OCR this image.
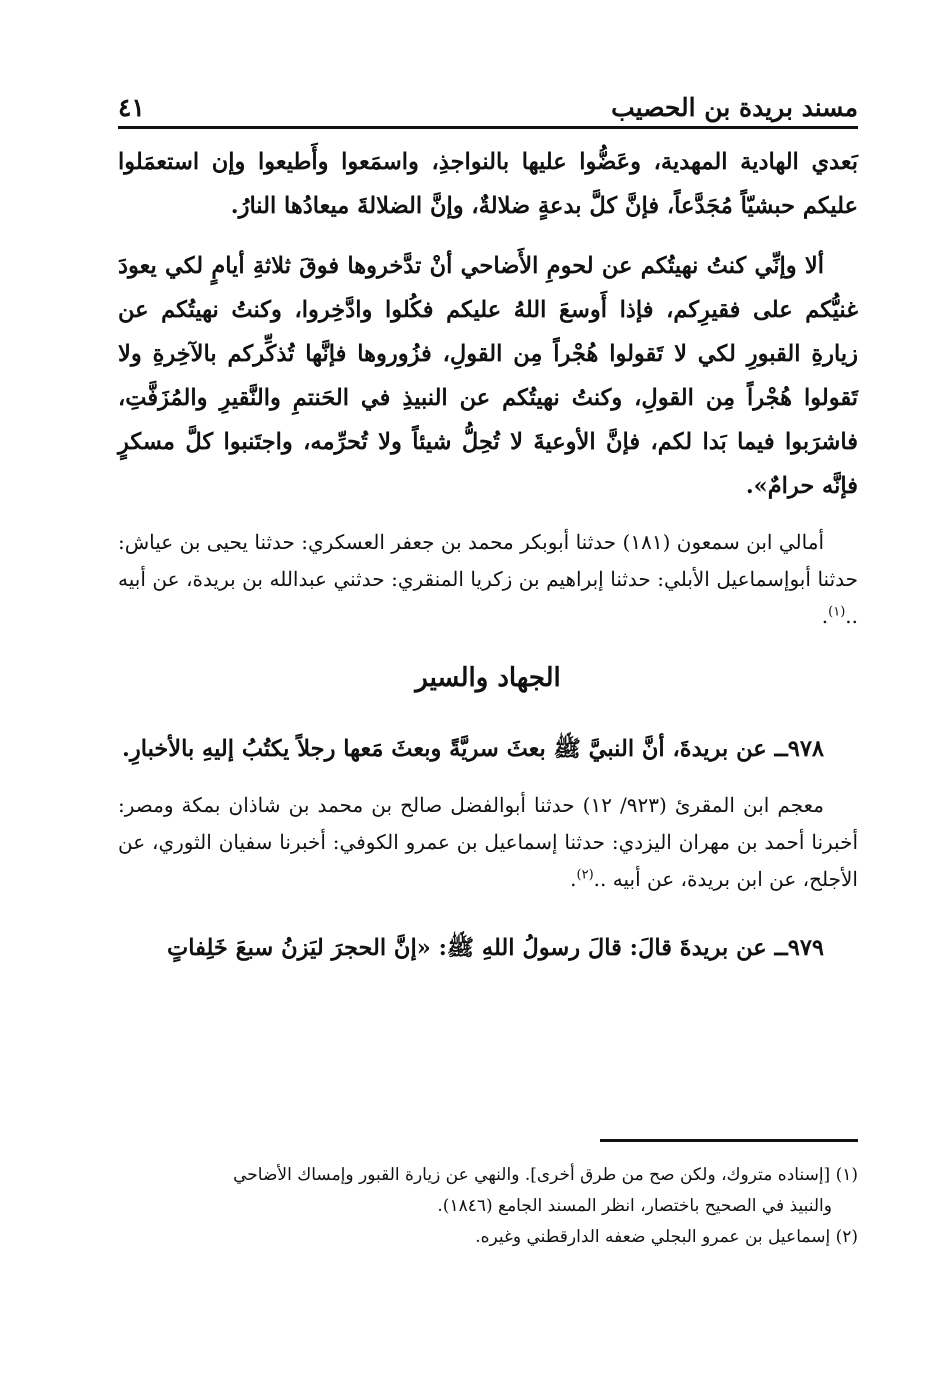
مسند بريدة بن الحصيب
٤١

بَعدي الهادية المهدية، وعَضُّوا عليها بالنواجذِ، واسمَعوا وأَطيعوا وإن استعمَلوا عليكم حبشيّاً مُجَدَّعاً، فإنَّ كلَّ بدعةٍ ضلالةٌ، وإنَّ الضلالةَ ميعادُها النارُ.

ألا وإنِّي كنتُ نهيتُكم عن لحومِ الأَضاحي أنْ تدَّخروها فوقَ ثلاثةِ أيامٍ لكي يعودَ غنيُّكم على فقيرِكم، فإذا أَوسعَ اللهُ عليكم فكُلوا وادَّخِروا، وكنتُ نهيتُكم عن زيارةِ القبورِ لكي لا تَقولوا هُجْراً مِن القولِ، فزُوروها فإنَّها تُذكِّركم بالآخِرةِ ولا تَقولوا هُجْراً مِن القولِ، وكنتُ نهيتُكم عن النبيذِ في الحَنتمِ والنَّقيرِ والمُزَفَّتِ، فاشرَبوا فيما بَدا لكم، فإنَّ الأوعيةَ لا تُحِلُّ شيئاً ولا تُحرِّمه، واجتَنبوا كلَّ مسكرٍ فإنَّه حرامٌ».

أمالي ابن سمعون (١٨١) حدثنا أبوبكر محمد بن جعفر العسكري: حدثنا يحيى بن عياش: حدثنا أبوإسماعيل الأبلي: حدثنا إبراهيم بن زكريا المنقري: حدثني عبدالله بن بريدة، عن أبيه ..$^{(١)}$.

الجهاد والسير

٩٧٨ــ عن بريدةَ، أنَّ النبيَّ ﷺ بعثَ سريَّةً وبعثَ مَعها رجلاً يكتُبُ إليهِ بالأخبارِ.

معجم ابن المقرئ (٩٢٣/ ١٢) حدثنا أبوالفضل صالح بن محمد بن شاذان بمكة ومصر: أخبرنا أحمد بن مهران اليزدي: حدثنا إسماعيل بن عمرو الكوفي: أخبرنا سفيان الثوري، عن الأجلح، عن ابن بريدة، عن أبيه ..$^{(٢)}$.

٩٧٩ــ عن بريدةَ قالَ: قالَ رسولُ اللهِ ﷺ: «إنَّ الحجرَ ليَزنُ سبعَ خَلِفاتٍ

(١) [إسناده متروك، ولكن صح من طرق أخرى]. والنهي عن زيارة القبور وإمساك الأضاحي

والنبيذ في الصحيح باختصار، انظر المسند الجامع (١٨٤٦).

(٢) إسماعيل بن عمرو البجلي ضعفه الدارقطني وغيره.
